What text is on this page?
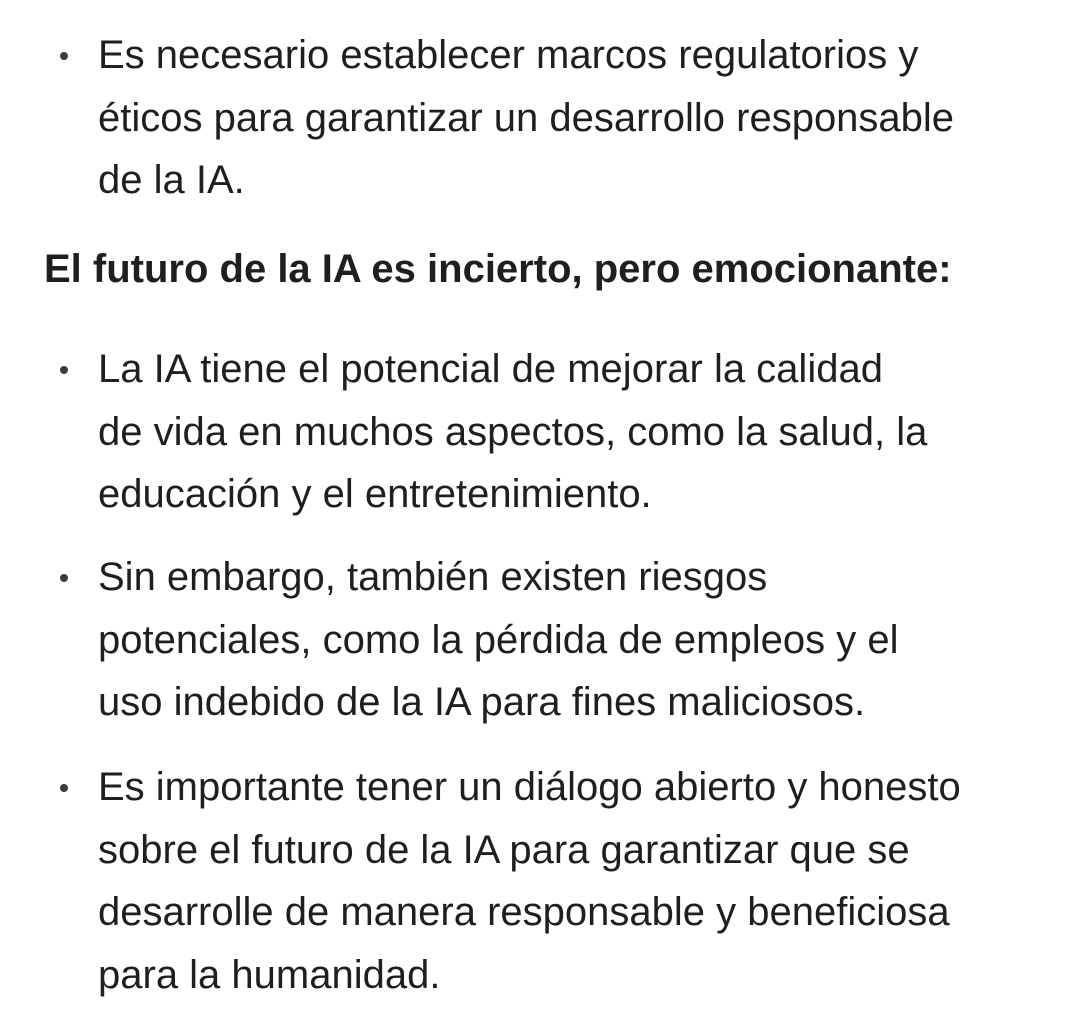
Es necesario establecer marcos regulatorios y
éticos para garantizar un desarrollo responsable
de la IA.
El futuro de la IA es incierto, pero emocionante:
La IA tiene el potencial de mejorar la calidad
de vida en muchos aspectos, como la salud, la
educación y el entretenimiento.
Sin embargo, también existen riesgos
potenciales, como la pérdida de empleos y el
uso indebido de la IA para fines maliciosos.
Es importante tener un diálogo abierto y honesto
sobre el futuro de la IA para garantizar que se
desarrolle de manera responsable y beneficiosa
para la humanidad.
